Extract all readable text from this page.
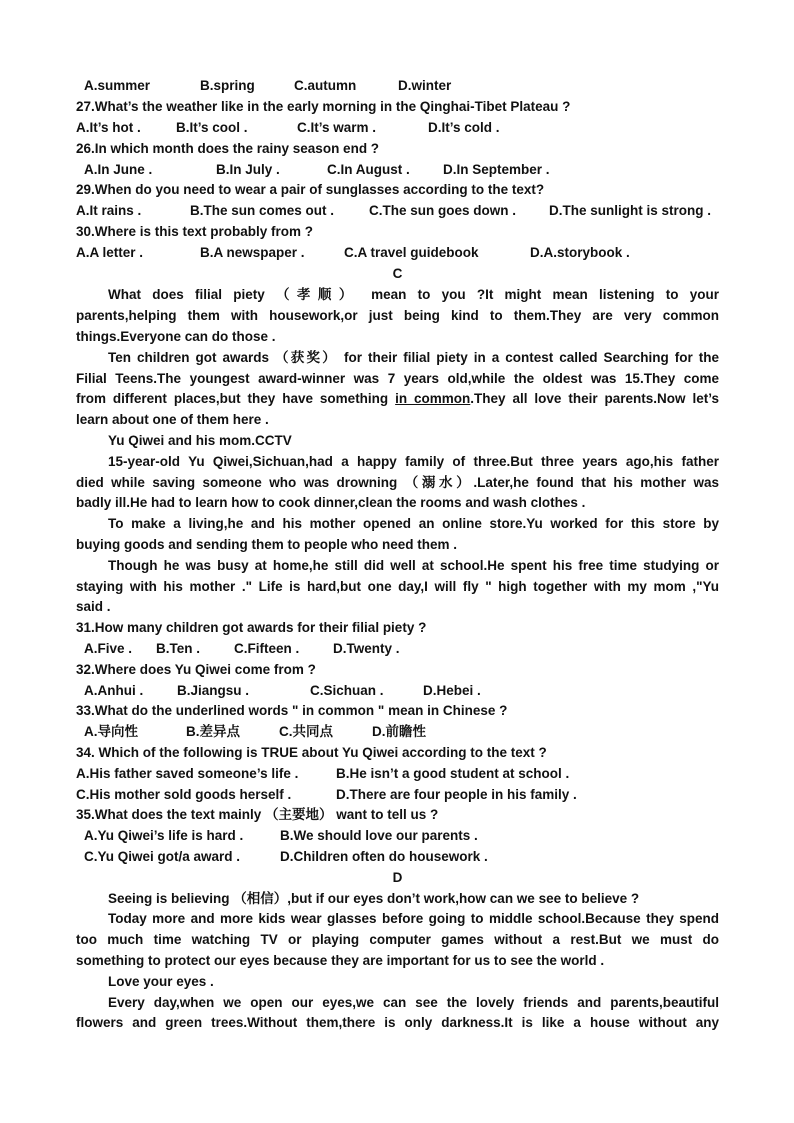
A.summer	B.spring	C.autumn	D.winter
27.What’s the weather like in the early morning in the Qinghai-Tibet Plateau ?
A.It’s hot .	B.It’s cool .	C.It’s warm .	D.It’s cold .
26.In which month does the rainy season end ?
A.In June .	B.In July .	C.In August .	D.In September .
29.When do you need to wear a pair of sunglasses according to the text?
A.It rains .	B.The sun comes out .	C.The sun goes down .	D.The sunlight is strong .
30.Where is this text probably from ?
A.A letter .	B.A newspaper .	C.A travel guidebook	D.A.storybook .
C
What does filial piety （孝顺） mean to you ?It might mean listening to your
parents,helping them with housework,or just being kind to them.They are very common
things.Everyone can do those .
Ten children got awards （获奖） for their filial piety in a contest called Searching for the
Filial Teens.The youngest award-winner was 7 years old,while the oldest was 15.They come
from different places,but they have something in common.They all love their parents.Now let’s
learn about one of them here .
Yu Qiwei and his mom.CCTV
15-year-old Yu Qiwei,Sichuan,had a happy family of three.But three years ago,his father
died while saving someone who was drowning （溺水）.Later,he found that his mother was
badly ill.He had to learn how to cook dinner,clean the rooms and wash clothes .
To make a living,he and his mother opened an online store.Yu worked for this store by
buying goods and sending them to people who need them .
Though he was busy at home,he still did well at school.He spent his free time studying or
staying with his mother ." Life is hard,but one day,I will fly " high together with my mom ,"Yu
said .
31.How many children got awards for their filial piety ?
A.Five .	B.Ten .	C.Fifteen .	D.Twenty .
32.Where does Yu Qiwei come from ?
A.Anhui .	B.Jiangsu .	C.Sichuan .	D.Hebei .
33.What do the underlined words " in common " mean in Chinese ?
A.导向性	B.差异点	C.共同点	D.前瞻性
34. Which of the following is TRUE about Yu Qiwei according to the text ?
A.His father saved someone’s life .	B.He isn’t a good student at school .
C.His mother sold goods herself .	D.There are four people in his family .
35.What does the text mainly （主要地） want to tell us ?
A.Yu Qiwei’s life is hard .	B.We should love our parents .
C.Yu Qiwei got/a award .	D.Children often do housework .
D
Seeing is believing （相信）,but if our eyes don’t work,how can we see to believe ?
Today more and more kids wear glasses before going to middle school.Because they spend
too much time watching TV or playing computer games without a rest.But we must do
something to protect our eyes because they are important for us to see the world .
Love your eyes .
Every day,when we open our eyes,we can see the lovely friends and parents,beautiful
flowers and green trees.Without them,there is only darkness.It is like a house without any
